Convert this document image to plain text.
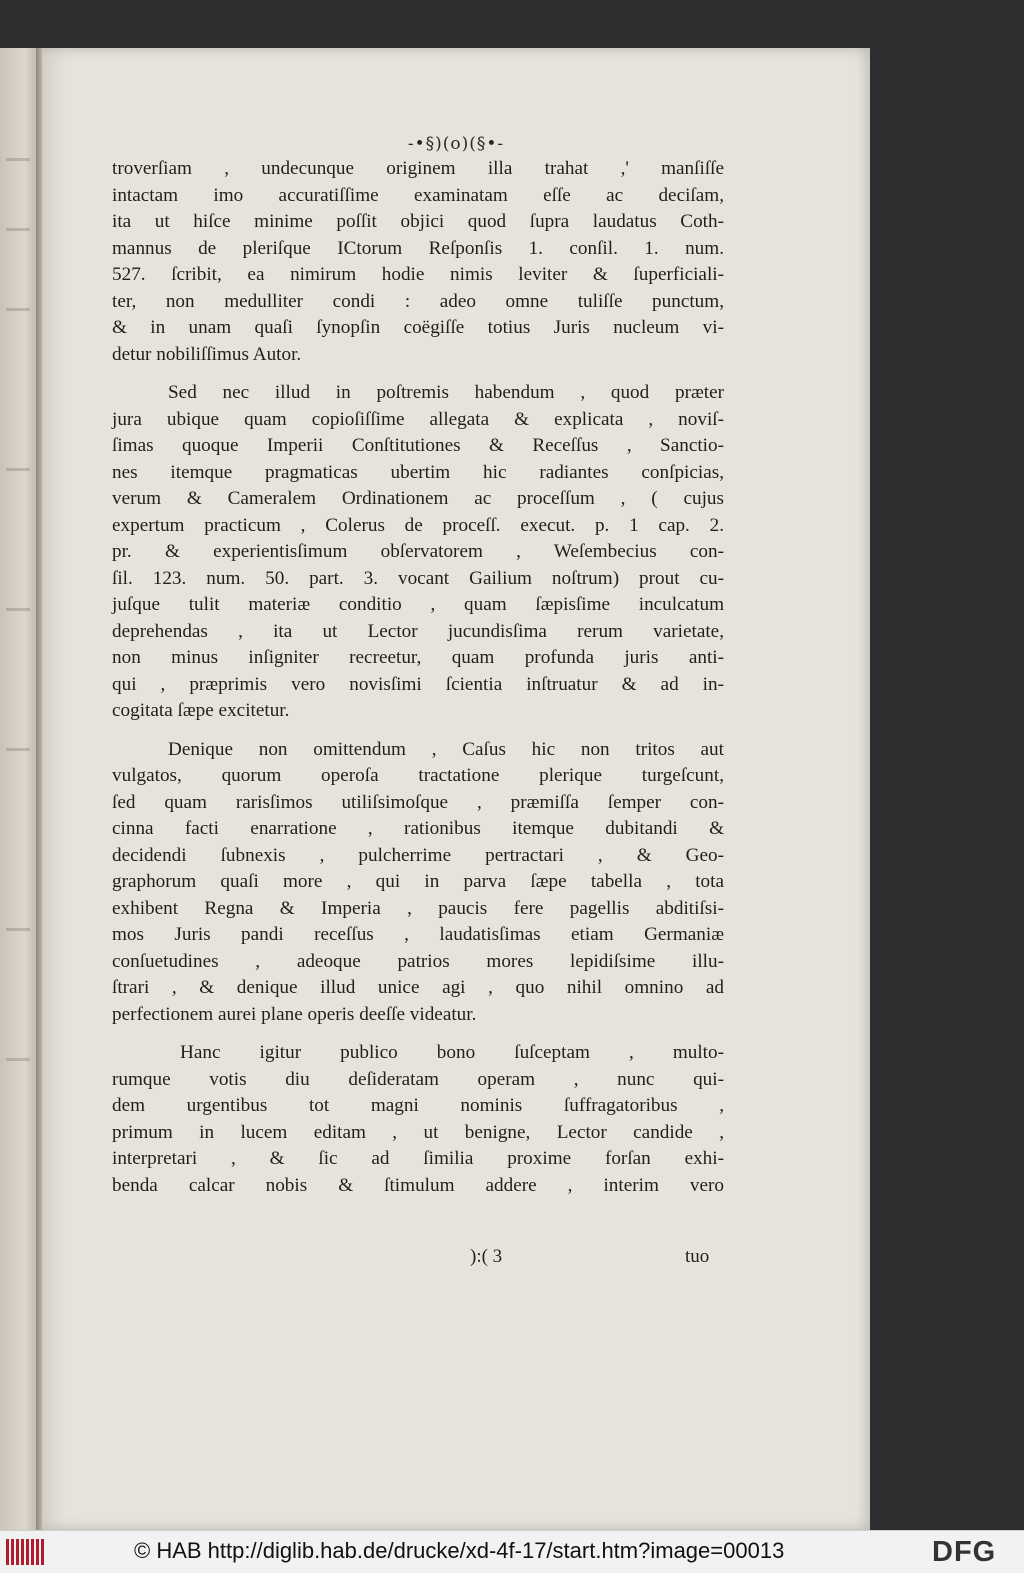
-•§)(o)(§•-
troverſiam , undecunque originem illa trahat ,' manſiſſe
intactam imo accuratiſſime examinatam eſſe ac deciſam,
ita ut hiſce minime poſſit objici quod ſupra laudatus Coth-
mannus de pleriſque ICtorum Reſponſis 1. conſil. 1. num.
527. ſcribit, ea nimirum hodie nimis leviter & ſuperficiali-
ter, non medulliter condi : adeo omne tuliſſe punctum,
& in unam quaſi ſynopſin coëgiſſe totius Juris nucleum vi-
detur nobiliſſimus Autor.
Sed nec illud in poſtremis habendum , quod præter
jura ubique quam copioſiſſime allegata & explicata , noviſ-
ſimas quoque Imperii Conſtitutiones & Receſſus , Sanctio-
nes itemque pragmaticas ubertim hic radiantes conſpicias,
verum & Cameralem Ordinationem ac proceſſum , ( cujus
expertum practicum , Colerus de proceſſ. execut. p. 1 cap. 2.
pr. & experientisſimum obſervatorem , Weſembecius con-
ſil. 123. num. 50. part. 3. vocant Gailium noſtrum) prout cu-
juſque tulit materiæ conditio , quam ſæpisſime inculcatum
deprehendas , ita ut Lector jucundisſima rerum varietate,
non minus inſigniter recreetur, quam profunda juris anti-
qui , præprimis vero novisſimi ſcientia inſtruatur & ad in-
cogitata ſæpe excitetur.
Denique non omittendum , Caſus hic non tritos aut
vulgatos, quorum operoſa tractatione plerique turgeſcunt,
ſed quam rarisſimos utiliſsimoſque , præmiſſa ſemper con-
cinna facti enarratione , rationibus itemque dubitandi &
decidendi ſubnexis , pulcherrime pertractari , & Geo-
graphorum quaſi more , qui in parva ſæpe tabella , tota
exhibent Regna & Imperia , paucis fere pagellis abditiſsi-
mos Juris pandi receſſus , laudatisſimas etiam Germaniæ
conſuetudines , adeoque patrios mores lepidiſsime illu-
ſtrari , & denique illud unice agi , quo nihil omnino ad
perfectionem aurei plane operis deeſſe videatur.
Hanc igitur publico bono ſuſceptam , multo-
rumque votis diu deſideratam operam , nunc qui-
dem urgentibus tot magni nominis ſuffragatoribus ,
primum in lucem editam , ut benigne, Lector candide ,
interpretari , & ſic ad ſimilia proxime forſan exhi-
benda calcar nobis & ſtimulum addere , interim vero
):( 3	tuo
© HAB http://diglib.hab.de/drucke/xd-4f-17/start.htm?image=00013	DFG
